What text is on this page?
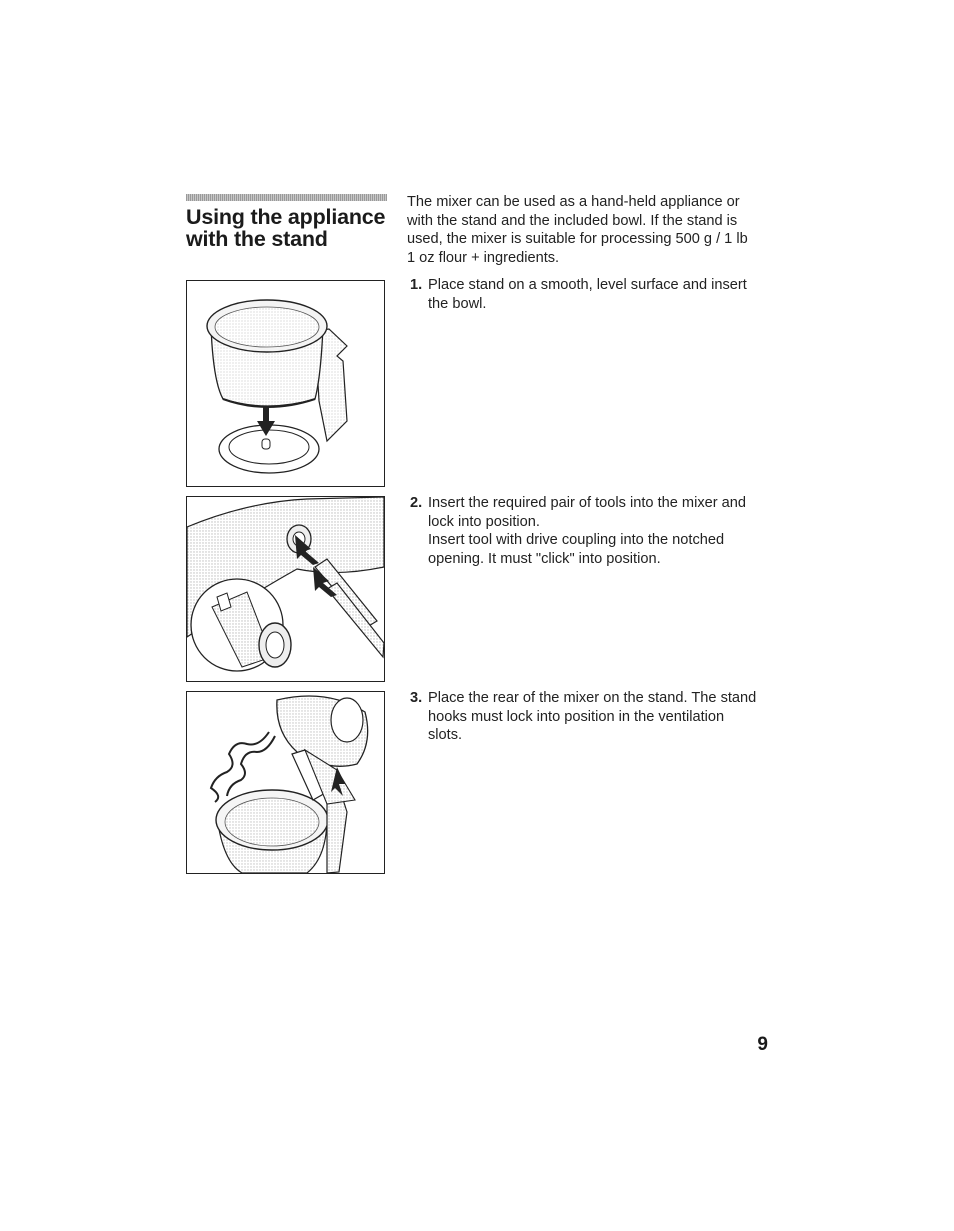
Using the appliance
with the stand
The mixer can be used as a hand-held appliance or
with the stand and the included bowl. If the stand is
used, the mixer is suitable for processing 500 g / 1 lb
1 oz flour + ingredients.
1. Place stand on a smooth, level surface and insert
the bowl.
2. Insert the required pair of tools into the mixer and
lock into position.
Insert tool with drive coupling into the notched
opening. It must "click" into position.
3. Place the rear of the mixer on the stand. The stand
hooks must lock into position in the ventilation
slots.
9
